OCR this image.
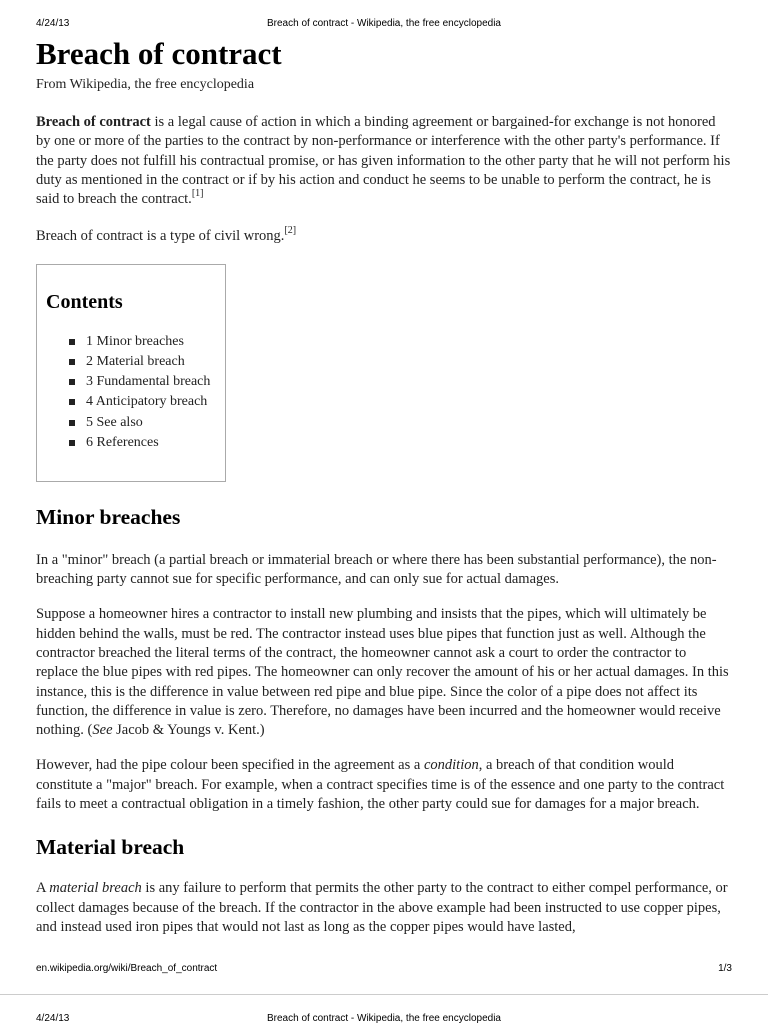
4/24/13	Breach of contract - Wikipedia, the free encyclopedia
Breach of contract
From Wikipedia, the free encyclopedia

Breach of contract is a legal cause of action in which a binding agreement or bargained-for exchange is not honored by one or more of the parties to the contract by non-performance or interference with the other party's performance. If the party does not fulfill his contractual promise, or has given information to the other party that he will not perform his duty as mentioned in the contract or if by his action and conduct he seems to be unable to perform the contract, he is said to breach the contract.[1]

Breach of contract is a type of civil wrong.[2]

Contents
1 Minor breaches
2 Material breach
3 Fundamental breach
4 Anticipatory breach
5 See also
6 References
Minor breaches

In a "minor" breach (a partial breach or immaterial breach or where there has been substantial performance), the non-breaching party cannot sue for specific performance, and can only sue for actual damages.

Suppose a homeowner hires a contractor to install new plumbing and insists that the pipes, which will ultimately be hidden behind the walls, must be red. The contractor instead uses blue pipes that function just as well. Although the contractor breached the literal terms of the contract, the homeowner cannot ask a court to order the contractor to replace the blue pipes with red pipes. The homeowner can only recover the amount of his or her actual damages. In this instance, this is the difference in value between red pipe and blue pipe. Since the color of a pipe does not affect its function, the difference in value is zero. Therefore, no damages have been incurred and the homeowner would receive nothing. (See Jacob & Youngs v. Kent.)

However, had the pipe colour been specified in the agreement as a condition, a breach of that condition would constitute a "major" breach. For example, when a contract specifies time is of the essence and one party to the contract fails to meet a contractual obligation in a timely fashion, the other party could sue for damages for a major breach.

Material breach

A material breach is any failure to perform that permits the other party to the contract to either compel performance, or collect damages because of the breach. If the contractor in the above example had been instructed to use copper pipes, and instead used iron pipes that would not last as long as the copper pipes would have lasted,

en.wikipedia.org/wiki/Breach_of_contract	1/3
4/24/13	Breach of contract - Wikipedia, the free encyclopedia
